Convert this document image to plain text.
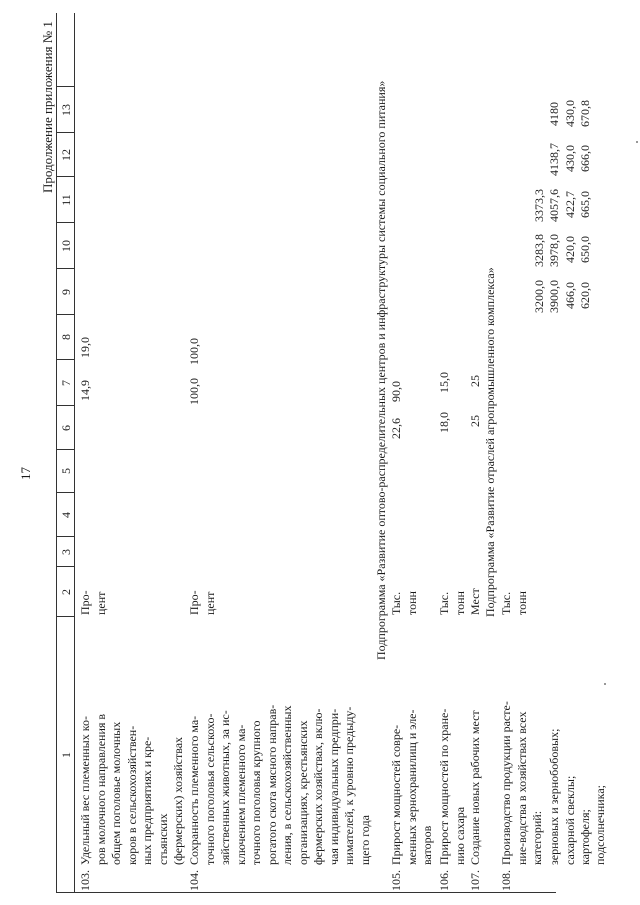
17
Продолжение приложения № 1
1
2
3
4
5
6
7
8
9
10
11
12
13
103.
Удельный вес племенных ко- ров молочного направления в общем поголовье молочных коров в сельскохозяйствен- ных предприятиях и кре- стьянских (фермерских) хозяйствах
Про- цент
14,9
19,0
104.
Сохранность племенного ма- точного поголовья сельскохо- зяйственных животных, за ис- ключением племенного ма- точного поголовья крупного рогатого скота мясного направ- ления, в сельскохозяйственных организациях, крестьянских фермерских хозяйствах, вклю- чая индивидуальных предпри- нимателей, к уровню предыду- щего года
Про- цент
100,0
100,0	Подпрограмма «Развитие оптово-распределительных центров и инфраструктуры системы социального питания»
105.
Прирост мощностей совре- менных зернохранилищ и эле- ваторов
Тыс. тонн
22,6
90,0
106.
Прирост мощностей по хране- нию сахара
Тыс. тонн
18,0
15,0
107.
Создание новых рабочих мест
Мест
25
25 Подпрограмма «Развитие отраслей агропромышленного комплекса»
108.
Производство продукции расте- ние-водства в хозяйствах всех категорий:
Тыс. тонн
зерновых и зернобобовых; сахарной свеклы; картофеля; подсолнечника;
3200,0 3900,0 466,0 620,0
3283,8 3978,0 420,0 650,0
3373,3 4057,6 422,7 665,0
4138,7 430,0 666,0
4180 430,0 670,8
